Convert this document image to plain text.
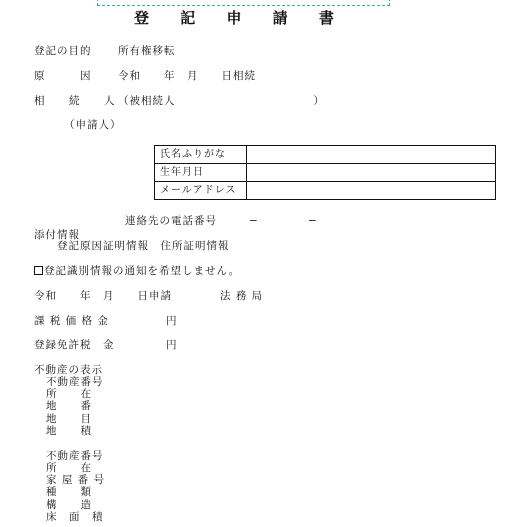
登 記 申 請 書
登記の目的	所有権移転
原　　　因	令和　　年　月　　日相続
相　続　人
（被相続人　　　　　　　　　　　　）
（申請人）
氏名ふりがな	
生年月日	
メールアドレス	
連絡先の電話番号	−	−
添付情報
登記原因証明情報　住所証明情報
登記識別情報の通知を希望しません。
令和　　年　月　　日申請	法 務 局
課 税 価 格 金	円
登録免許税　金	円
不動産の表示
不動産番号
所　　在
地　　番
地　　目
地　　積
不動産番号
所　　在
家 屋 番 号
種　　類
構　　造
床　面　積
